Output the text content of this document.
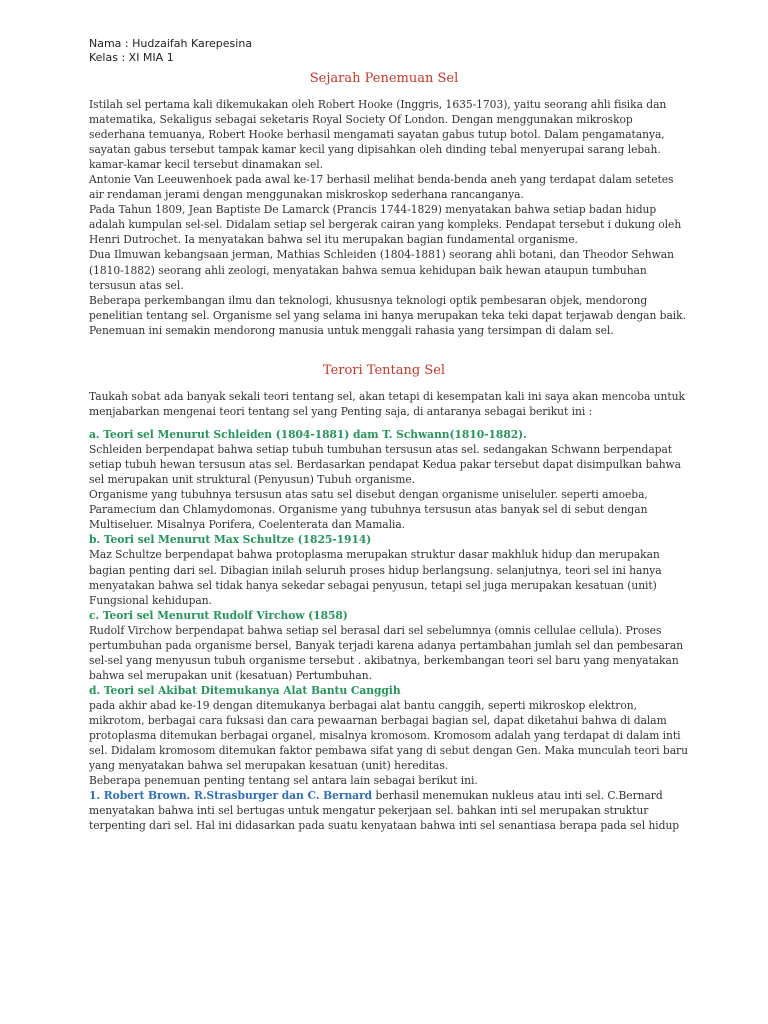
Nama : Hudzaifah Karepesina
Kelas : XI MIA 1
Sejarah Penemuan Sel

Istilah sel pertama kali dikemukakan oleh Robert Hooke (Inggris, 1635-1703), yaitu seorang ahli fisika dan matematika, Sekaligus sebagai seketaris Royal Society Of London. Dengan menggunakan mikroskop sederhana temuanya, Robert Hooke berhasil mengamati sayatan gabus tutup botol. Dalam pengamatanya, sayatan gabus tersebut tampak kamar kecil yang dipisahkan oleh dinding tebal menyerupai sarang lebah. kamar-kamar kecil tersebut dinamakan sel.

Antonie Van Leeuwenhoek pada awal ke-17 berhasil melihat benda-benda aneh yang terdapat dalam setetes air rendaman jerami dengan menggunakan miskroskop sederhana rancanganya.

Pada Tahun 1809, Jean Baptiste De Lamarck (Prancis 1744-1829) menyatakan bahwa setiap badan hidup adalah kumpulan sel-sel. Didalam setiap sel bergerak cairan yang kompleks. Pendapat tersebut i dukung oleh Henri Dutrochet. Ia menyatakan bahwa sel itu merupakan bagian fundamental organisme.

Dua Ilmuwan kebangsaan jerman, Mathias Schleiden (1804-1881) seorang ahli botani, dan Theodor Sehwan (1810-1882) seorang ahli zeologi, menyatakan bahwa semua kehidupan baik hewan ataupun tumbuhan tersusun atas sel.

Beberapa perkembangan ilmu dan teknologi, khususnya teknologi optik pembesaran objek, mendorong penelitian tentang sel. Organisme sel yang selama ini hanya merupakan teka teki dapat terjawab dengan baik. Penemuan ini semakin mendorong manusia untuk menggali rahasia yang tersimpan di dalam sel.

Terori Tentang Sel

Taukah sobat ada banyak sekali teori tentang sel, akan tetapi di kesempatan kali ini saya akan mencoba untuk menjabarkan mengenai teori tentang sel yang Penting saja, di antaranya sebagai berikut ini :

a. Teori sel Menurut Schleiden (1804-1881) dam T. Schwann(1810-1882).

Schleiden berpendapat bahwa setiap tubuh tumbuhan tersusun atas sel. sedangakan Schwann berpendapat setiap tubuh hewan tersusun atas sel. Berdasarkan pendapat Kedua pakar tersebut dapat disimpulkan bahwa sel merupakan unit struktural (Penyusun) Tubuh organisme.

Organisme yang tubuhnya tersusun atas satu sel disebut dengan organisme uniseluler. seperti amoeba, Paramecium dan Chlamydomonas. Organisme yang tubuhnya tersusun atas banyak sel di sebut dengan Multiseluer. Misalnya Porifera, Coelenterata dan Mamalia.

b. Teori sel Menurut Max Schultze (1825-1914)

Maz Schultze berpendapat bahwa protoplasma merupakan struktur dasar makhluk hidup dan merupakan bagian penting dari sel. Dibagian inilah seluruh proses hidup berlangsung. selanjutnya, teori sel ini hanya menyatakan bahwa sel tidak hanya sekedar sebagai penyusun, tetapi sel juga merupakan kesatuan (unit) Fungsional kehidupan.

c. Teori sel Menurut Rudolf Virchow (1858)

Rudolf Virchow berpendapat bahwa setiap sel berasal dari sel sebelumnya (omnis cellulae cellula). Proses pertumbuhan pada organisme bersel, Banyak terjadi karena adanya pertambahan jumlah sel dan pembesaran sel-sel yang menyusun tubuh organisme tersebut . akibatnya, berkembangan teori sel baru yang menyatakan bahwa sel merupakan unit (kesatuan) Pertumbuhan.

d. Teori sel Akibat Ditemukanya Alat Bantu Canggih

pada akhir abad ke-19 dengan ditemukanya berbagai alat bantu canggih, seperti mikroskop elektron, mikrotom, berbagai cara fuksasi dan cara pewaarnan berbagai bagian sel, dapat diketahui bahwa di dalam protoplasma ditemukan berbagai organel, misalnya kromosom. Kromosom adalah yang terdapat di dalam inti sel. Didalam kromosom ditemukan faktor pembawa sifat yang di sebut dengan Gen. Maka munculah teori baru yang menyatakan bahwa sel merupakan kesatuan (unit) hereditas.

Beberapa penemuan penting tentang sel antara lain sebagai berikut ini.

1. Robert Brown. R.Strasburger dan C. Bernard berhasil menemukan nukleus atau inti sel. C.Bernard menyatakan bahwa inti sel bertugas untuk mengatur pekerjaan sel. bahkan inti sel merupakan struktur terpenting dari sel. Hal ini didasarkan pada suatu kenyataan bahwa inti sel senantiasa berapa pada sel hidup
